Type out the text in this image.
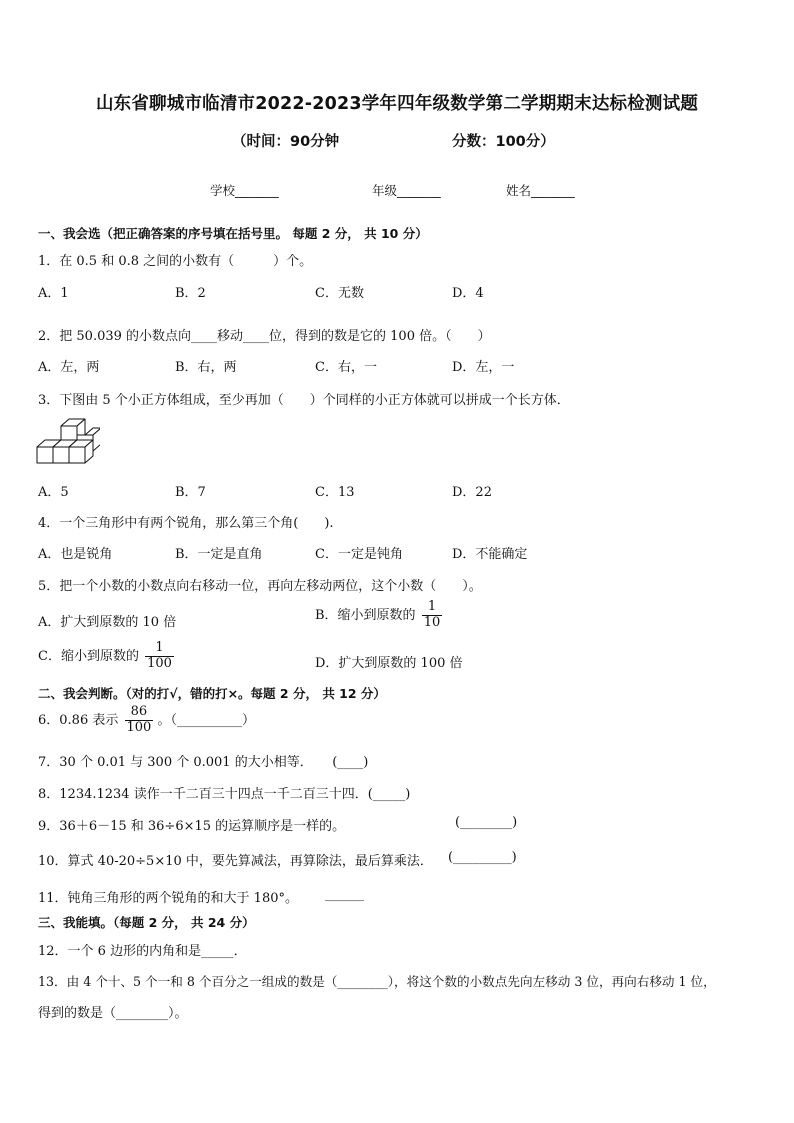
山东省聊城市临清市2022-2023学年四年级数学第二学期期末达标检测试题
（时间：90分钟	分数：100分）
学校_______	年级_______	姓名_______
一、我会选（把正确答案的序号填在括号里。 每题 2 分， 共 10 分）
1．在 0.5 和 0.8 之间的小数有（　　　）个。
A．1	B．2	C．无数	D．4
2．把 50.039 的小数点向____移动____位，得到的数是它的 100 倍。（　　）
A．左，两	B．右，两	C．右，一	D．左，一
3．下图由 5 个小正方体组成，至少再加（　　）个同样的小正方体就可以拼成一个长方体．
A．5	B．7	C．13	D．22
4．一个三角形中有两个锐角，那么第三个角(　　).
A．也是锐角	B．一定是直角	C．一定是钝角	D．不能确定
5．把一个小数的小数点向右移动一位，再向左移动两位，这个小数（　　）。
A．扩大到原数的 10 倍	B．缩小到原数的 $\frac{1}{10}$
C．缩小到原数的 $\frac{1}{100}$	D．扩大到原数的 100 倍
二、我会判断。（对的打√，错的打×。每题 2 分， 共 12 分）
6．0.86 表示 $\frac{86}{100}$ 。（__________）
7．30 个 0.01 与 300 个 0.001 的大小相等．　　(____)
8．1234.1234 读作一千二百三十四点一千二百三十四．(_____)
9．36＋6－15 和 36÷6×15 的运算顺序是一样的。	(________)
10．算式 40-20÷5×10 中，要先算减法，再算除法，最后算乘法． (_________)
11．钝角三角形的两个锐角的和大于 180°。 ______
三、我能填。（每题 2 分， 共 24 分）
12．一个 6 边形的内角和是_____．
13．由 4 个十、5 个一和 8 个百分之一组成的数是（________），将这个数的小数点先向左移动 3 位，再向右移动 1 位，
得到的数是（________）。
